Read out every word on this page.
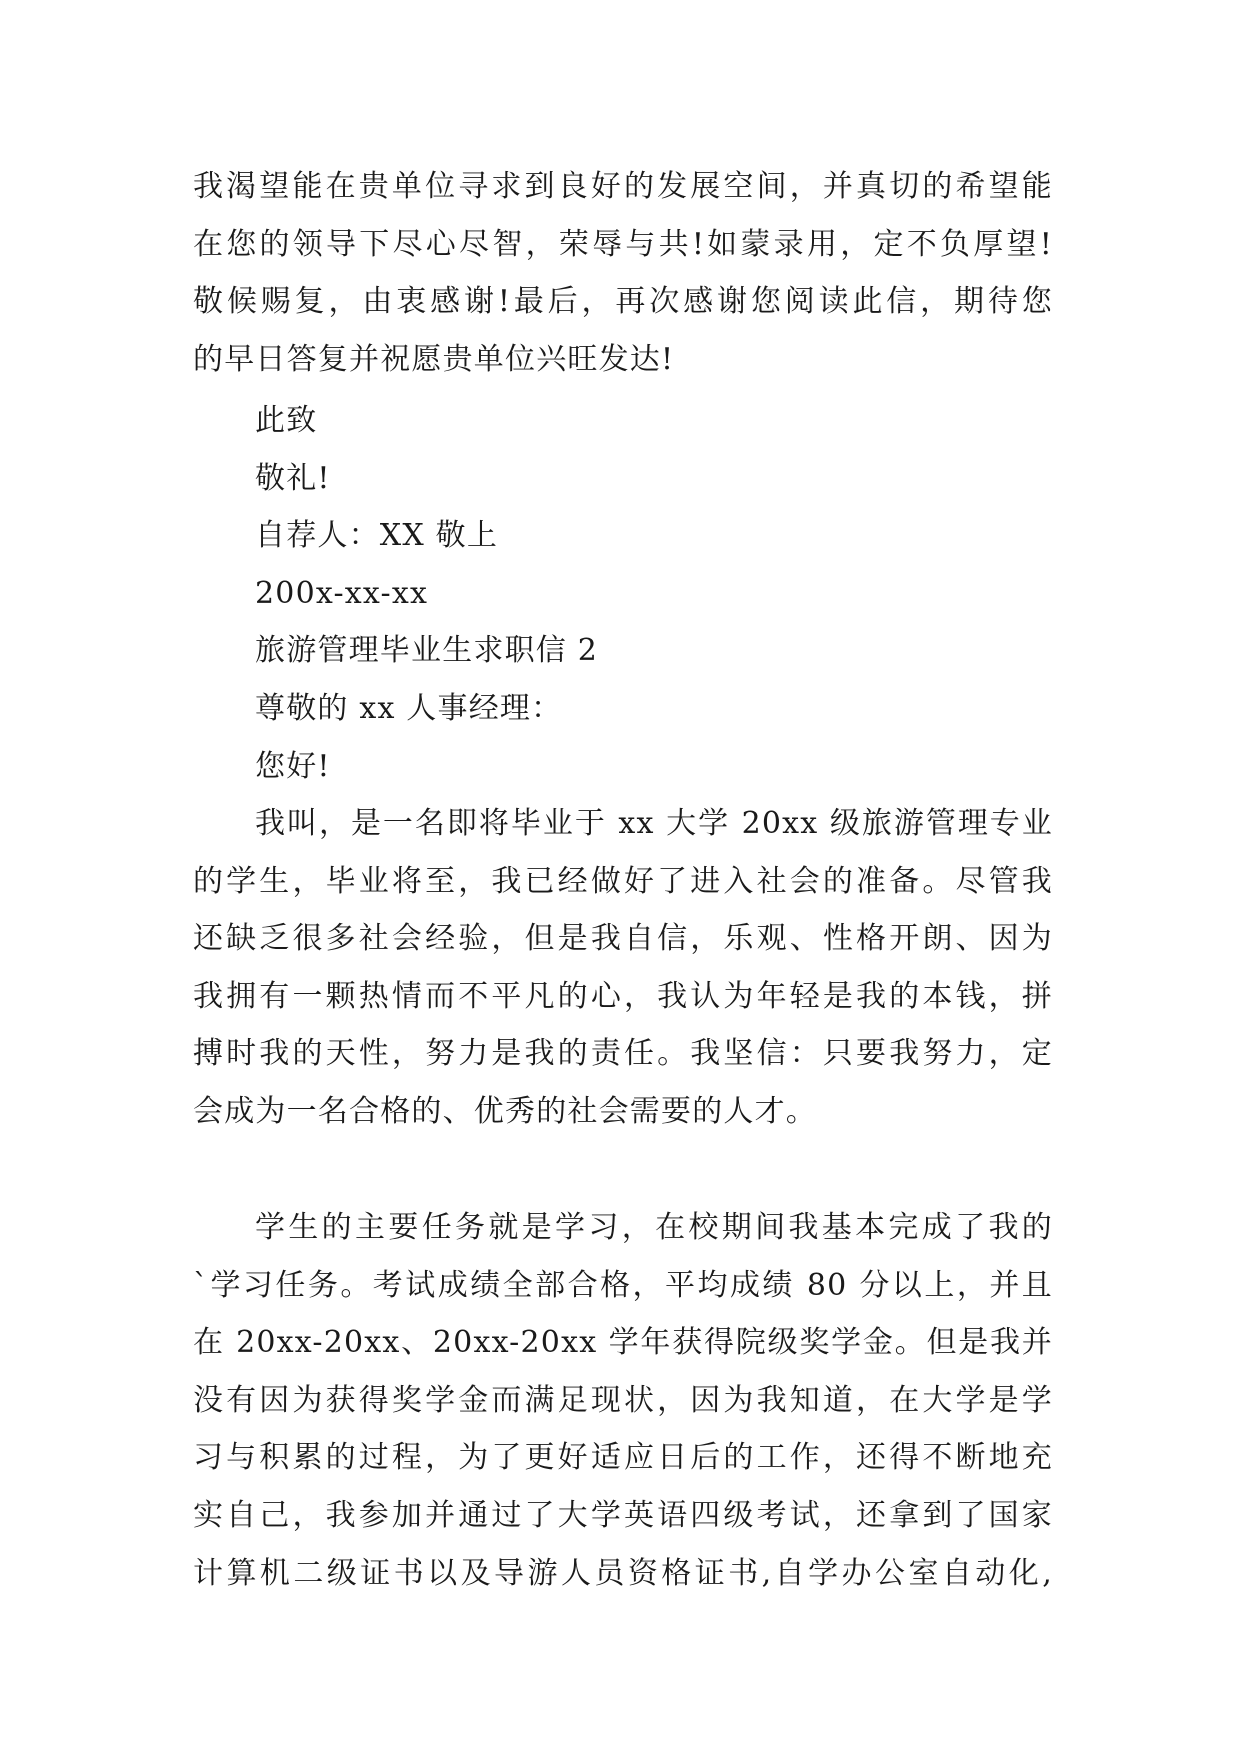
我渴望能在贵单位寻求到良好的发展空间，并真切的希望能
在您的领导下尽心尽智，荣辱与共!如蒙录用，定不负厚望!
敬候赐复，由衷感谢!最后，再次感谢您阅读此信，期待您
的早日答复并祝愿贵单位兴旺发达!
此致
敬礼!
自荐人：XX 敬上
200x-xx-xx
旅游管理毕业生求职信 2
尊敬的 xx 人事经理：
您好!
我叫，是一名即将毕业于 xx 大学 20xx 级旅游管理专业
的学生，毕业将至，我已经做好了进入社会的准备。尽管我
还缺乏很多社会经验，但是我自信，乐观、性格开朗、因为
我拥有一颗热情而不平凡的心，我认为年轻是我的本钱，拼
搏时我的天性，努力是我的责任。我坚信：只要我努力，定
会成为一名合格的、优秀的社会需要的人才。
学生的主要任务就是学习，在校期间我基本完成了我的
`学习任务。考试成绩全部合格，平均成绩 80 分以上，并且
在 20xx-20xx、20xx-20xx 学年获得院级奖学金。但是我并
没有因为获得奖学金而满足现状，因为我知道，在大学是学
习与积累的过程，为了更好适应日后的工作，还得不断地充
实自己，我参加并通过了大学英语四级考试，还拿到了国家
计算机二级证书以及导游人员资格证书,自学办公室自动化,
